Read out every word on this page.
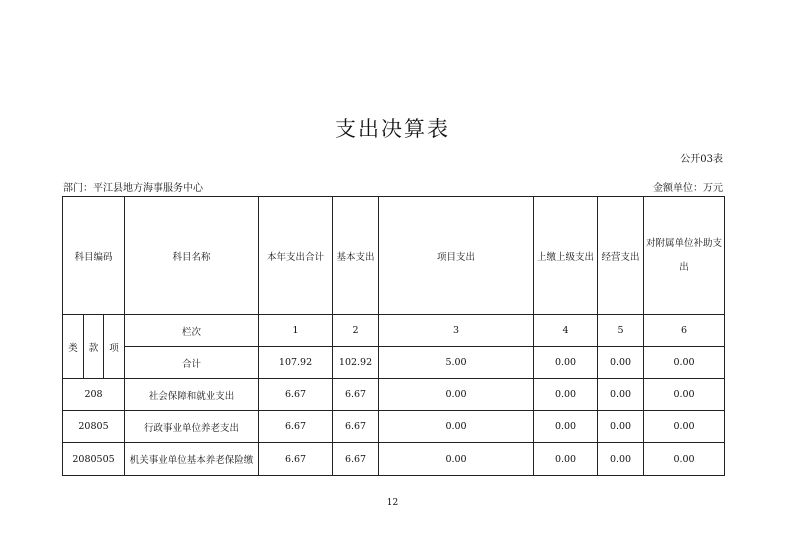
支出决算表
公开03表
部门：平江县地方海事服务中心	金额单位：万元
科目编码			科目名称	本年支出合计	基本支出	项目支出	上缴上级支出	经营支出	对附属单位补助支出
类	款	项	栏次	1	2	3	4	5	6
			合计	107.92	102.92	5.00	0.00	0.00	0.00
208			社会保障和就业支出	6.67	6.67	0.00	0.00	0.00	0.00
20805			行政事业单位养老支出	6.67	6.67	0.00	0.00	0.00	0.00
2080505			机关事业单位基本养老保险缴	6.67	6.67	0.00	0.00	0.00	0.00
12
